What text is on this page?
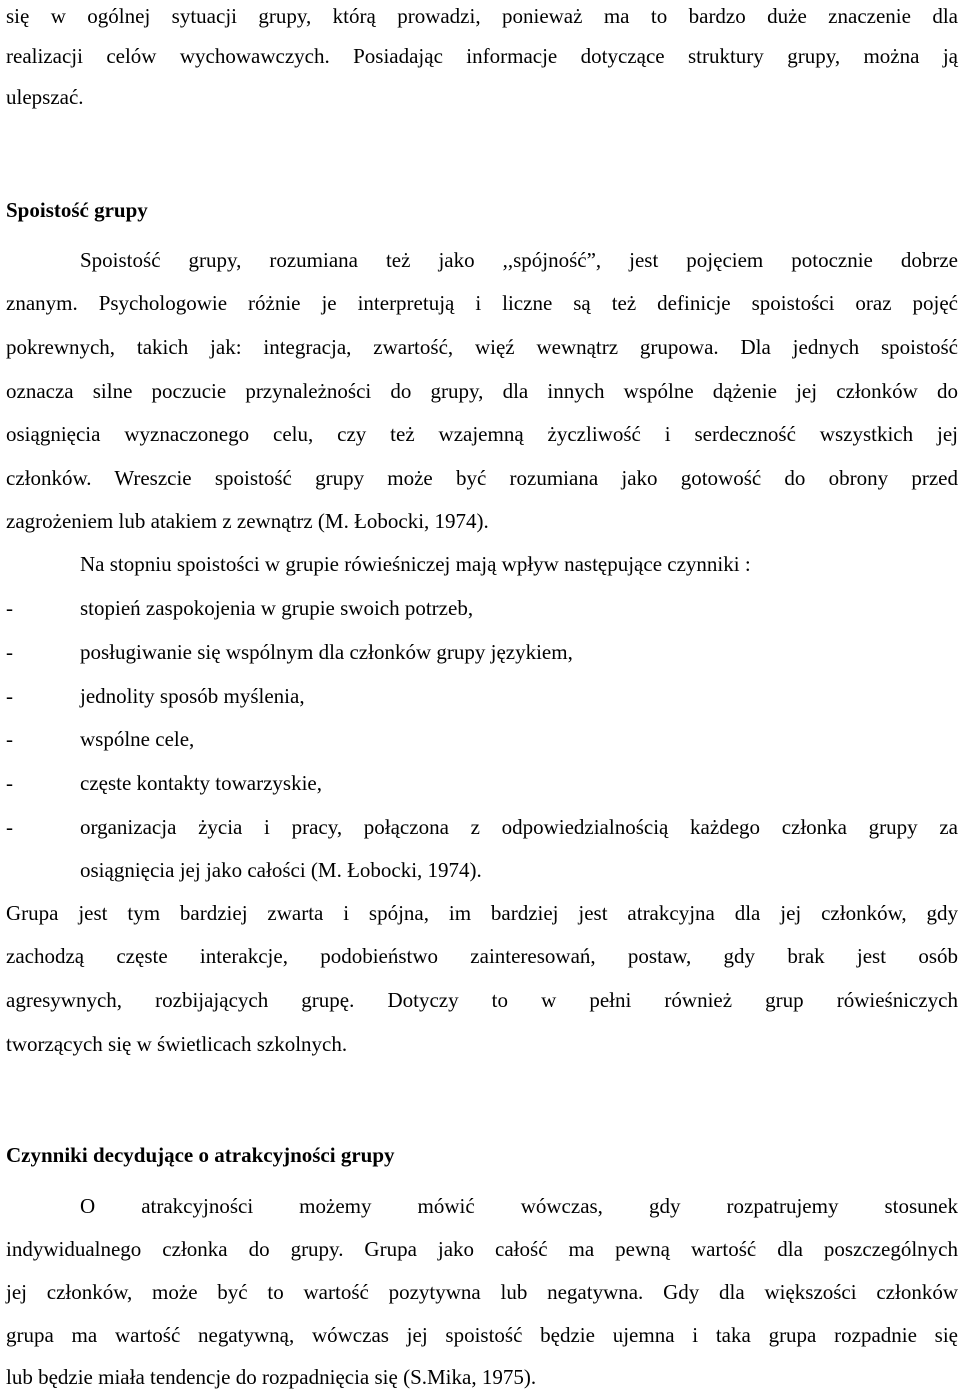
się w ogólnej sytuacji grupy, którą prowadzi, ponieważ ma to bardzo duże znaczenie dla
realizacji celów wychowawczych. Posiadając informacje dotyczące struktury grupy, można ją
ulepszać.
Spoistość grupy
Spoistość grupy, rozumiana też jako ,,spójność”, jest pojęciem potocznie dobrze
znanym. Psychologowie różnie je interpretują i liczne są też definicje spoistości oraz pojęć
pokrewnych, takich jak: integracja, zwartość, więź wewnątrz grupowa. Dla jednych spoistość
oznacza silne poczucie przynależności do grupy, dla innych wspólne dążenie jej członków do
osiągnięcia wyznaczonego celu, czy też wzajemną życzliwość i serdeczność wszystkich jej
członków. Wreszcie spoistość grupy może być rozumiana jako gotowość do obrony przed
zagrożeniem lub atakiem z zewnątrz (M. Łobocki, 1974).
Na stopniu spoistości w grupie rówieśniczej mają wpływ następujące czynniki :
-	stopień zaspokojenia w grupie swoich potrzeb,
-	posługiwanie się wspólnym dla członków grupy językiem,
-	jednolity sposób myślenia,
-	wspólne cele,
-	częste kontakty towarzyskie,
-	organizacja życia i pracy, połączona z odpowiedzialnością każdego członka grupy za
osiągnięcia jej jako całości (M. Łobocki, 1974).
Grupa jest tym bardziej zwarta i spójna, im bardziej jest atrakcyjna dla jej członków, gdy
zachodzą częste interakcje, podobieństwo zainteresowań, postaw, gdy brak jest osób
agresywnych, rozbijających grupę. Dotyczy to w pełni również grup rówieśniczych
tworzących się w świetlicach szkolnych.
Czynniki decydujące o atrakcyjności grupy
O atrakcyjności możemy mówić wówczas, gdy rozpatrujemy stosunek
indywidualnego członka do grupy. Grupa jako całość ma pewną wartość dla poszczególnych
jej członków, może być to wartość pozytywna lub negatywna. Gdy dla większości członków
grupa ma wartość negatywną, wówczas jej spoistość będzie ujemna i taka grupa rozpadnie się
lub będzie miała tendencje do rozpadnięcia się (S.Mika, 1975).
